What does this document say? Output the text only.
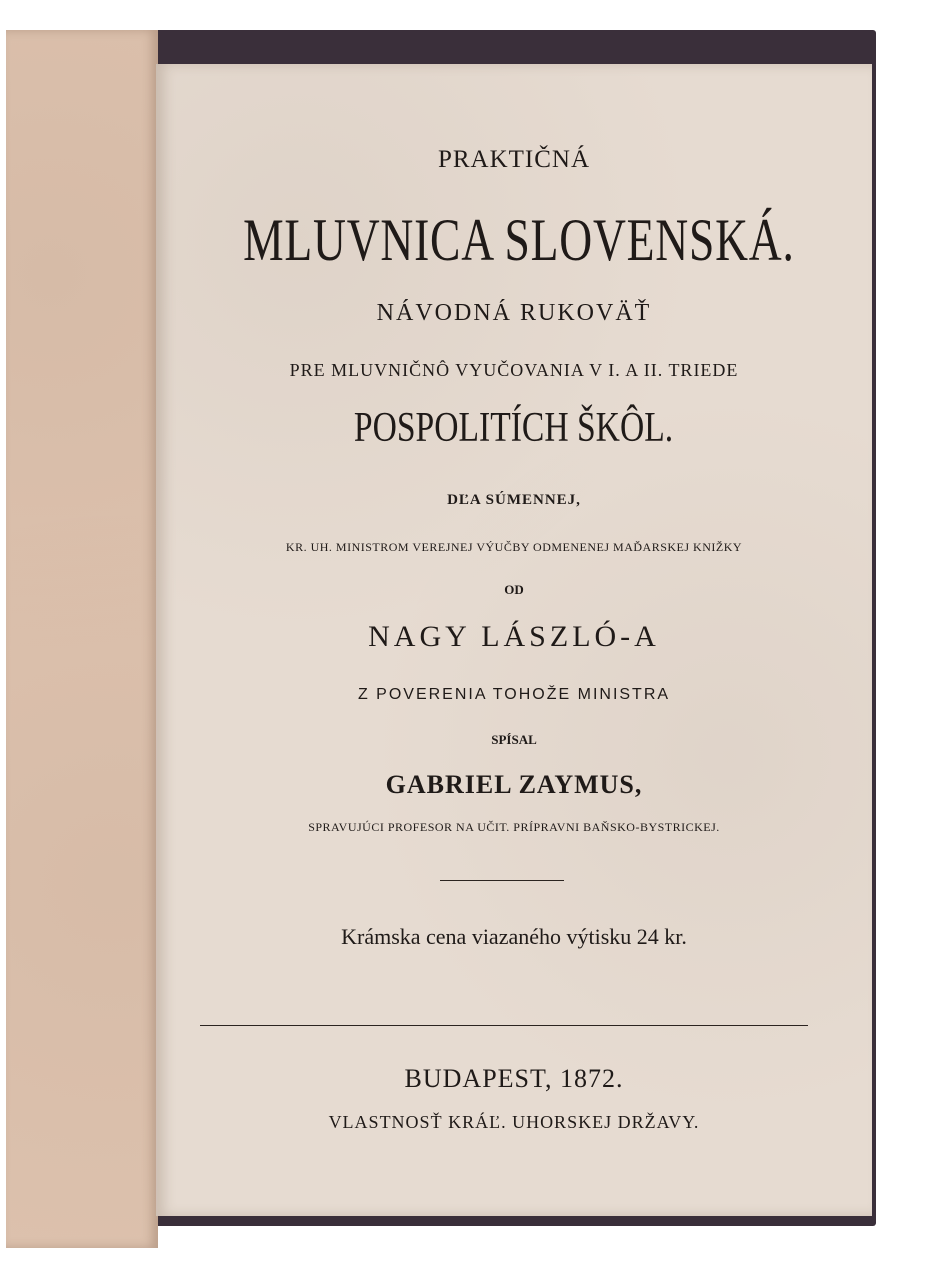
PRAKTIČNÁ
MLUVNICA SLOVENSKÁ.
NÁVODNÁ RUKOVÄŤ
PRE MLUVNIČNÔ VYUČOVANIA V I. A II. TRIEDE
POSPOLITÍCH ŠKÔL.
DĽA SÚMENNEJ,
KR. UH. MINISTROM VEREJNEJ VÝUČBY ODMENENEJ MAĎARSKEJ KNIŽKY
OD
NAGY LÁSZLÓ-A
Z POVERENIA TOHOŽE MINISTRA
SPÍSAL
GABRIEL ZAYMUS,
SPRAVUJÚCI PROFESOR NA UČIT. PRÍPRAVNI BAŇSKO-BYSTRICKEJ.
Krámska cena viazaného výtisku 24 kr.
BUDAPEST, 1872.
VLASTNOSŤ KRÁĽ. UHORSKEJ DRŽAVY.
